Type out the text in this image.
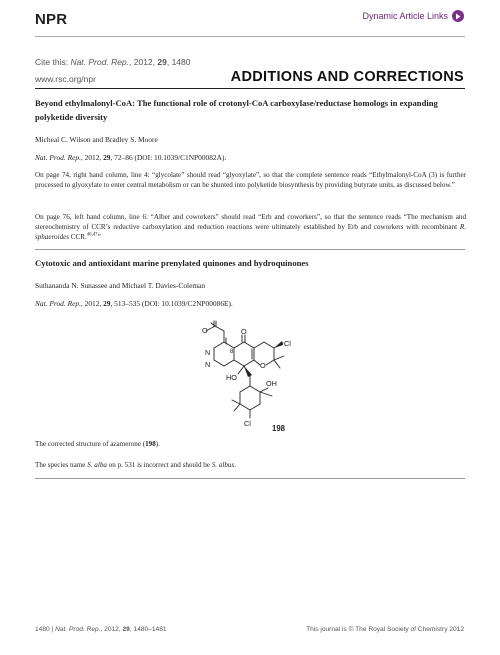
NPR	Dynamic Article Links
Cite this: Nat. Prod. Rep., 2012, 29, 1480
www.rsc.org/npr	ADDITIONS AND CORRECTIONS
Beyond ethylmalonyl-CoA: The functional role of crotonyl-CoA carboxylase/reductase homologs in expanding polyketide diversity
Micheal C. Wilson and Bradley S. Moore
Nat. Prod. Rep., 2012, 29, 72–86 (DOI: 10.1039/C1NP00082A).
On page 74, right hand column, line 4: “glycolate” should read “glyoxylate”, so that the complete sentence reads “Ethylmalonyl-CoA (3) is further processed to glyoxylate to enter central metabolism or can be shunted into polyketide biosynthesis by providing butyrate units, as discussed below.”
On page 76, left hand column, line 6: “Alber and coworkers” should read “Erb and coworkers”, so that the sentence reads “The mechanism and stereochemistry of CCR’s reductive carboxylation and reduction reactions were ultimately established by Erb and coworkers with recombinant R. sphaeroides CCR.$^{46,47}$”
Cytotoxic and antioxidant marine prenylated quinones and hydroquinones
Suthananda N. Sunassee and Michael T. Davies-Coleman
Nat. Prod. Rep., 2012, 29, 513–535 (DOI: 10.1039/C2NP00086E).
O	O
8
N
N
Cl
O
HO
OH
Cl
198
The corrected structure of azamerone (198).
The species name S. alba on p. 531 is incorrect and should be S. albus.
1480 | Nat. Prod. Rep., 2012, 29, 1480–1481	This journal is © The Royal Society of Chemistry 2012
